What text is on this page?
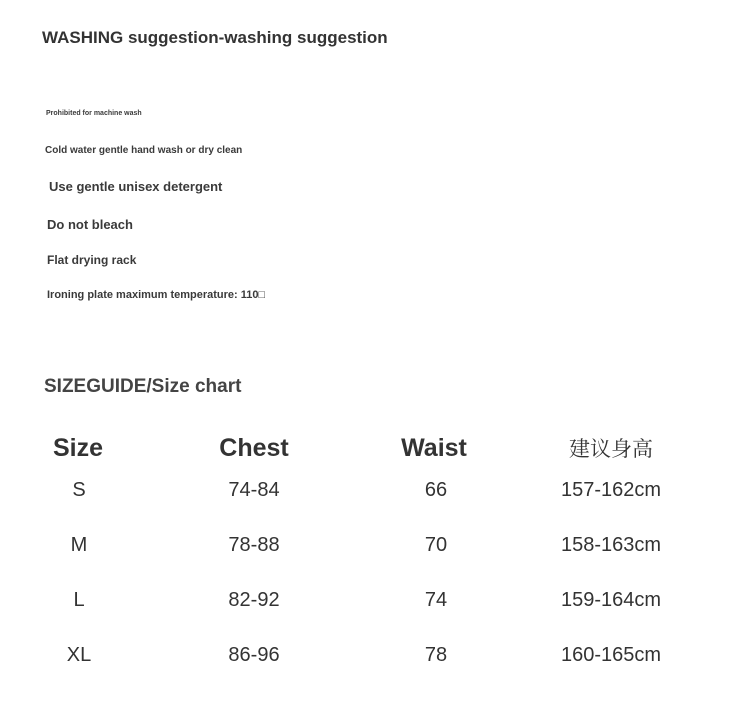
WASHING suggestion-washing suggestion
Prohibited for machine wash
Cold water gentle hand wash or dry clean
Use gentle unisex detergent
Do not bleach
Flat drying rack
Ironing plate maximum temperature: 110□
SIZEGUIDE/Size chart
Size	Chest	Waist	建议身高
S	74-84	66	157-162cm
M	78-88	70	158-163cm
L	82-92	74	159-164cm
XL	86-96	78	160-165cm
